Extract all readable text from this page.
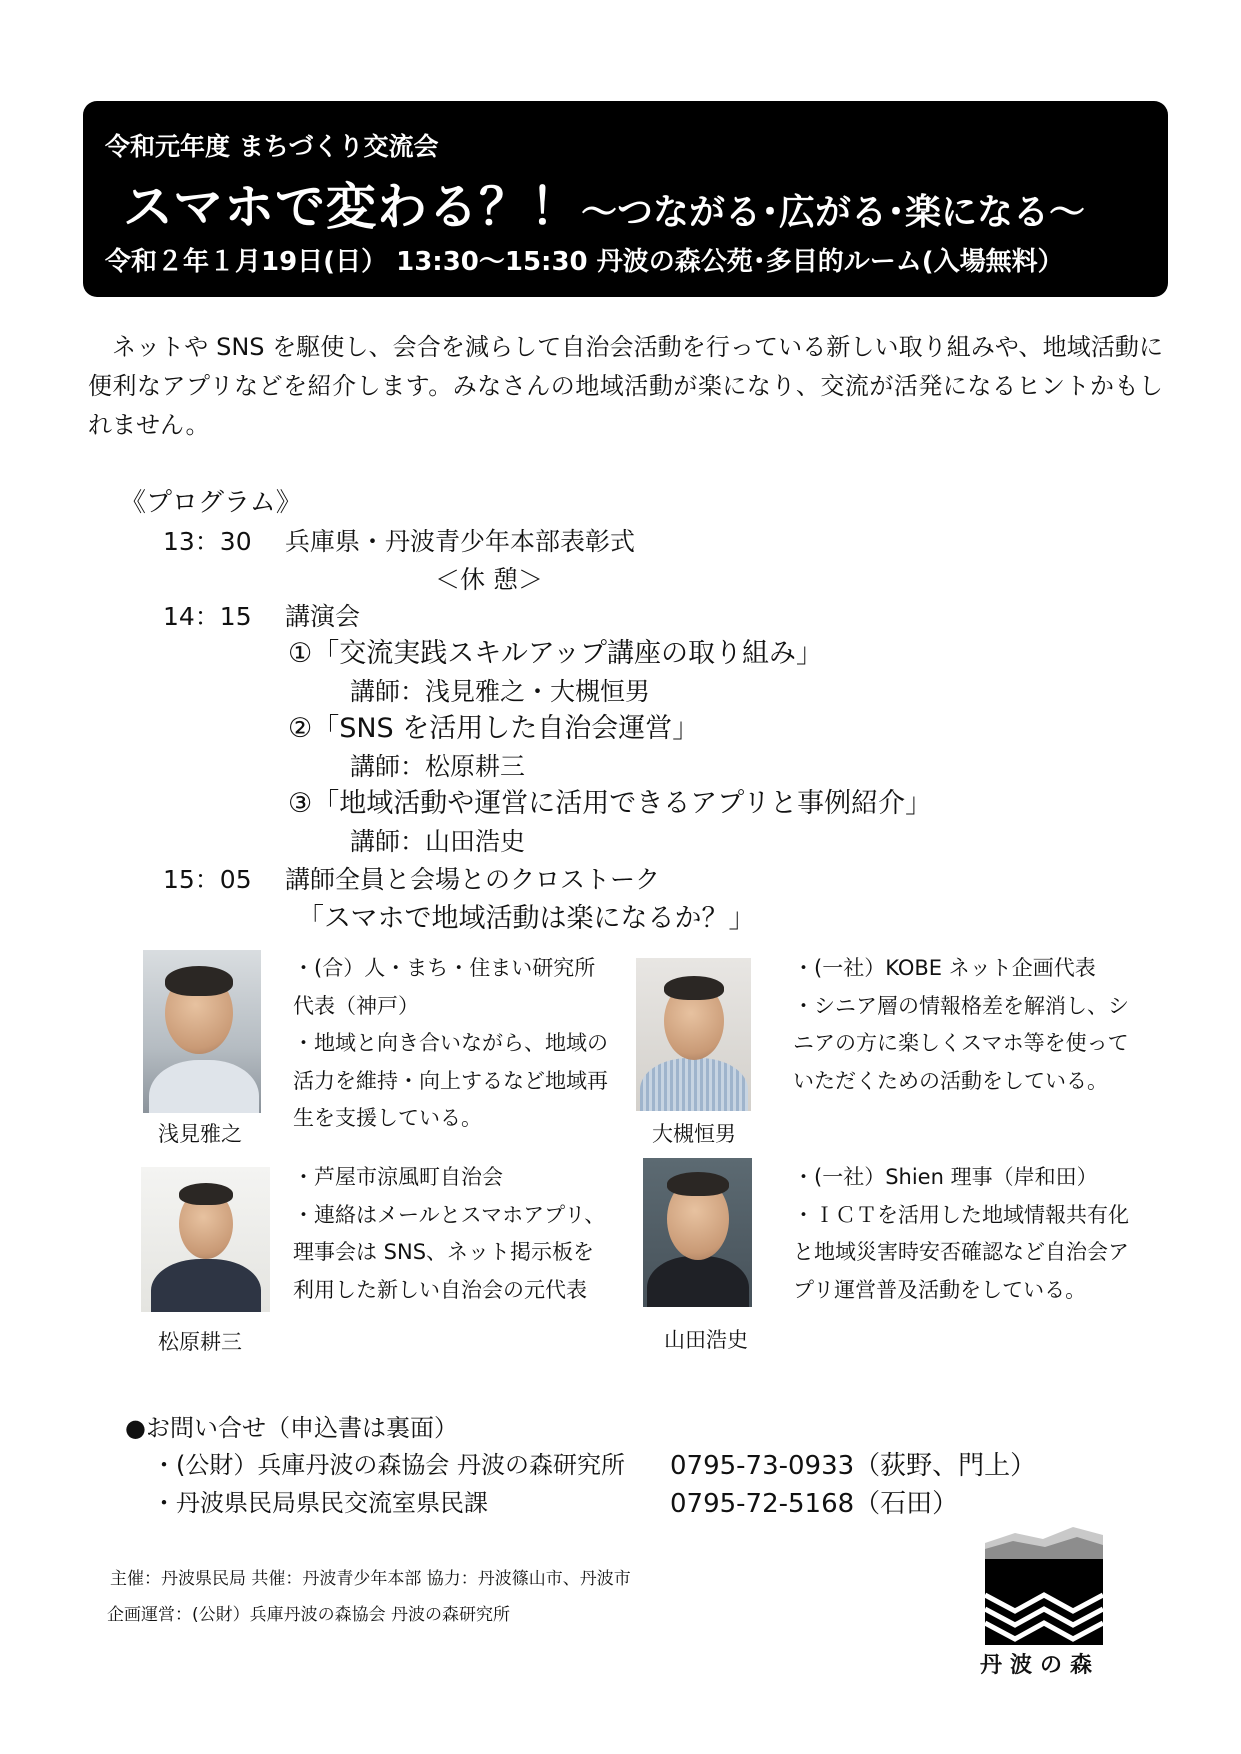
令和元年度 まちづくり交流会
スマホで変わる？！～つながる･広がる･楽になる～
令和２年１月19日(日） 13:30～15:30 丹波の森公苑･多目的ルーム(入場無料）

ネットや SNS を駆使し、会合を減らして自治会活動を行っている新しい取り組みや、地域活動に便利なアプリなどを紹介します。みなさんの地域活動が楽になり、交流が活発になるヒントかもしれません。

《プログラム》
13：30 兵庫県・丹波青少年本部表彰式
＜休 憩＞
14：15 講演会
①「交流実践スキルアップ講座の取り組み」
講師：浅見雅之・大槻恒男
②「SNS を活用した自治会運営」
講師：松原耕三
③「地域活動や運営に活用できるアプリと事例紹介」
講師：山田浩史
15：05 講師全員と会場とのクロストーク
「スマホで地域活動は楽になるか？」
浅見雅之
・(合）人・まち・住まい研究所代表（神戸）
・地域と向き合いながら、地域の活力を維持・向上するなど地域再生を支援している。
大槻恒男
・(一社）KOBE ネット企画代表
・シニア層の情報格差を解消し、シニアの方に楽しくスマホ等を使っていただくための活動をしている。
松原耕三
・芦屋市涼風町自治会
・連絡はメールとスマホアプリ、理事会は SNS、ネット掲示板を利用した新しい自治会の元代表
山田浩史
・(一社）Shien 理事（岸和田）
・ＩＣＴを活用した地域情報共有化と地域災害時安否確認など自治会アプリ運営普及活動をしている。
●お問い合せ（申込書は裏面）
・(公財）兵庫丹波の森協会 丹波の森研究所 0795-73-0933（荻野、門上）
・丹波県民局県民交流室県民課	0795-72-5168（石田）
主催：丹波県民局 共催：丹波青少年本部 協力：丹波篠山市、丹波市
企画運営：(公財）兵庫丹波の森協会 丹波の森研究所
丹波の森
